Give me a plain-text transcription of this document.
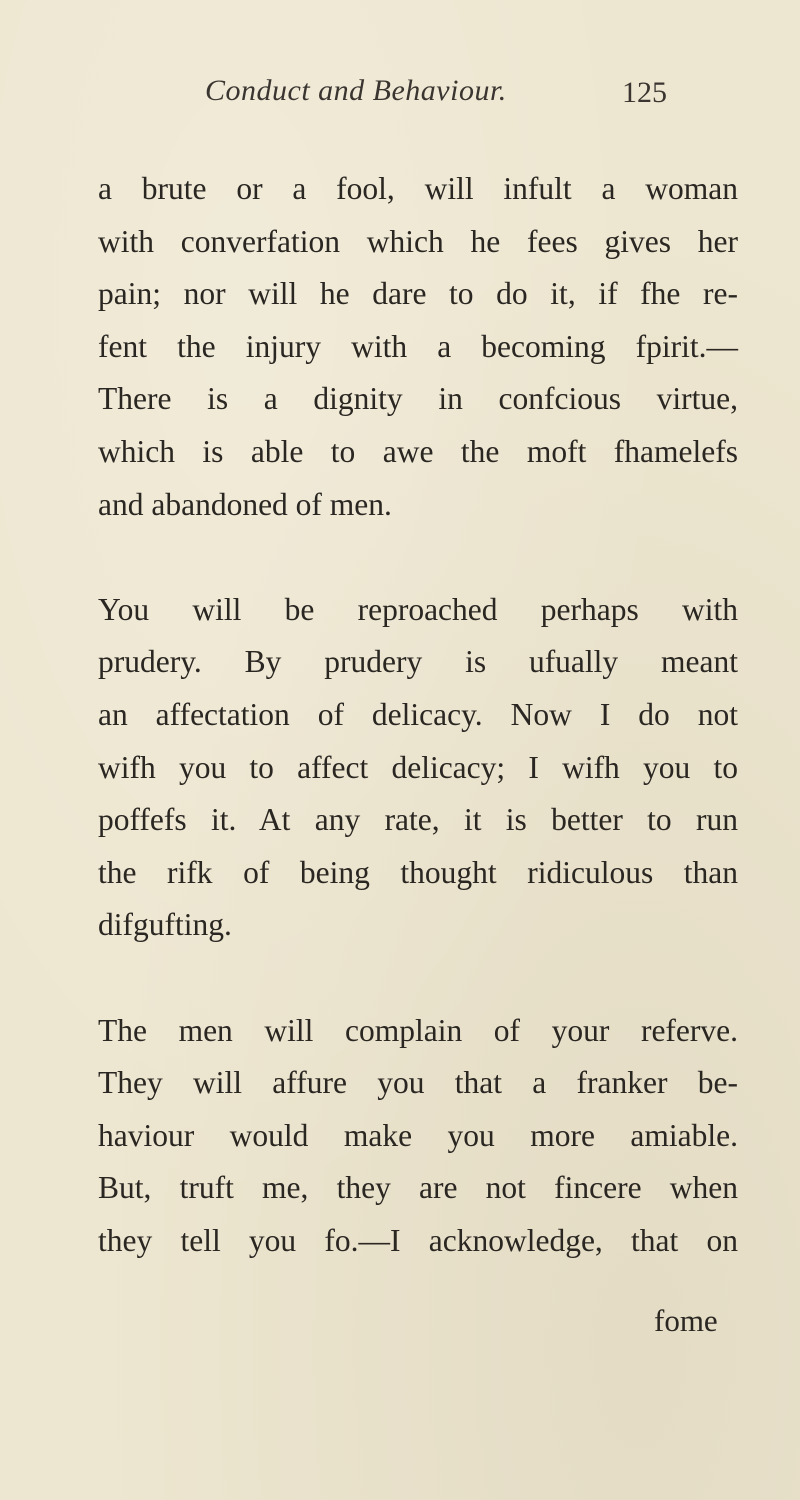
Conduct and Behaviour.	125
a brute or a fool, will infult a woman
with converfation which he fees gives her
pain; nor will he dare to do it, if fhe re-
fent the injury with a becoming fpirit.—
There is a dignity in confcious virtue,
which is able to awe the moft fhamelefs
and abandoned of men.
You will be reproached perhaps with
prudery. By prudery is ufually meant
an affectation of delicacy. Now I do not
wifh you to affect delicacy; I wifh you to
poffefs it. At any rate, it is better to run
the rifk of being thought ridiculous than
difgufting.
The men will complain of your referve.
They will affure you that a franker be-
haviour would make you more amiable.
But, truft me, they are not fincere when
they tell you fo.—I acknowledge, that on
fome
